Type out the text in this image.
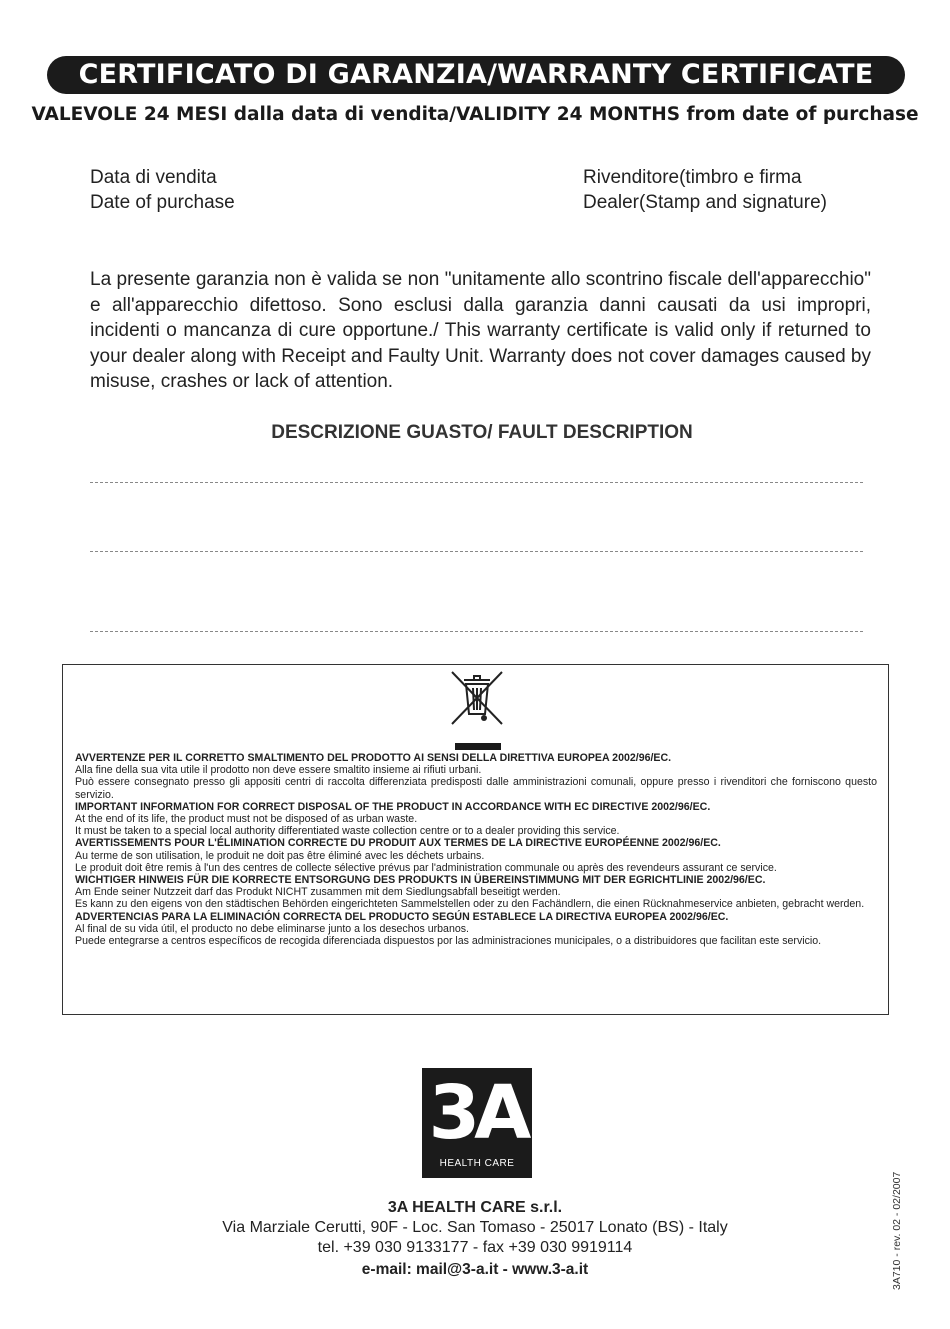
CERTIFICATO DI GARANZIA/WARRANTY CERTIFICATE
VALEVOLE 24 MESI dalla data di vendita/VALIDITY 24 MONTHS from date of purchase
Data di vendita
Date of purchase
Rivenditore(timbro e firma
Dealer(Stamp and signature)
La presente garanzia non è valida se non "unitamente allo scontrino fiscale dell'apparecchio" e all'apparecchio difettoso. Sono esclusi dalla garanzia danni causati da usi impropri, incidenti o mancanza di cure opportune./ This warranty certificate is valid only if returned to your dealer along with Receipt and Faulty Unit. Warranty does not cover damages caused by misuse, crashes or lack of attention.
DESCRIZIONE GUASTO/ FAULT DESCRIPTION

AVVERTENZE PER IL CORRETTO SMALTIMENTO DEL PRODOTTO AI SENSI DELLA DIRETTIVA EUROPEA 2002/96/EC.

Alla fine della sua vita utile il prodotto non deve essere smaltito insieme ai rifiuti urbani.

Può essere consegnato presso gli appositi centri di raccolta differenziata predisposti dalle amministrazioni comunali, oppure presso i rivenditori che forniscono questo servizio.

IMPORTANT INFORMATION FOR CORRECT DISPOSAL OF THE PRODUCT IN ACCORDANCE WITH EC DIRECTIVE 2002/96/EC.

At the end of its life, the product must not be disposed of as urban waste.

It must be taken to a special local authority differentiated waste collection centre or to a dealer providing this service.

AVERTISSEMENTS POUR L'ÉLIMINATION CORRECTE DU PRODUIT AUX TERMES DE LA DIRECTIVE EUROPÉENNE 2002/96/EC.

Au terme de son utilisation, le produit ne doit pas être éliminé avec les déchets urbains.

Le produit doit être remis à l'un des centres de collecte sélective prévus par l'administration communale ou après des revendeurs assurant ce service.

WICHTIGER HINWEIS FÜR DIE KORRECTE ENTSORGUNG DES PRODUKTS IN ÜBEREINSTIMMUNG MIT DER EGRICHTLINIE 2002/96/EC.

Am Ende seiner Nutzzeit darf das Produkt NICHT zusammen mit dem Siedlungsabfall beseitigt werden.

Es kann zu den eigens von den städtischen Behörden eingerichteten Sammelstellen oder zu den Fachändlern, die einen Rücknahmeservice anbieten, gebracht werden.

ADVERTENCIAS PARA LA ELIMINACIÓN CORRECTA DEL PRODUCTO SEGÚN ESTABLECE LA DIRECTIVA EUROPEA 2002/96/EC.

Al final de su vida útil, el producto no debe eliminarse junto a los desechos urbanos.

Puede entegrarse a centros específicos de recogida diferenciada dispuestos por las administraciones municipales, o a distribuidores que facilitan este servicio.

3A
HEALTH CARE
3A HEALTH CARE s.r.l.
Via Marziale Cerutti, 90F - Loc. San Tomaso - 25017 Lonato (BS) - Italy
tel. +39 030 9133177 - fax +39 030 9919114
e-mail: mail@3-a.it - www.3-a.it	3A710 - rev. 02 - 02/2007
